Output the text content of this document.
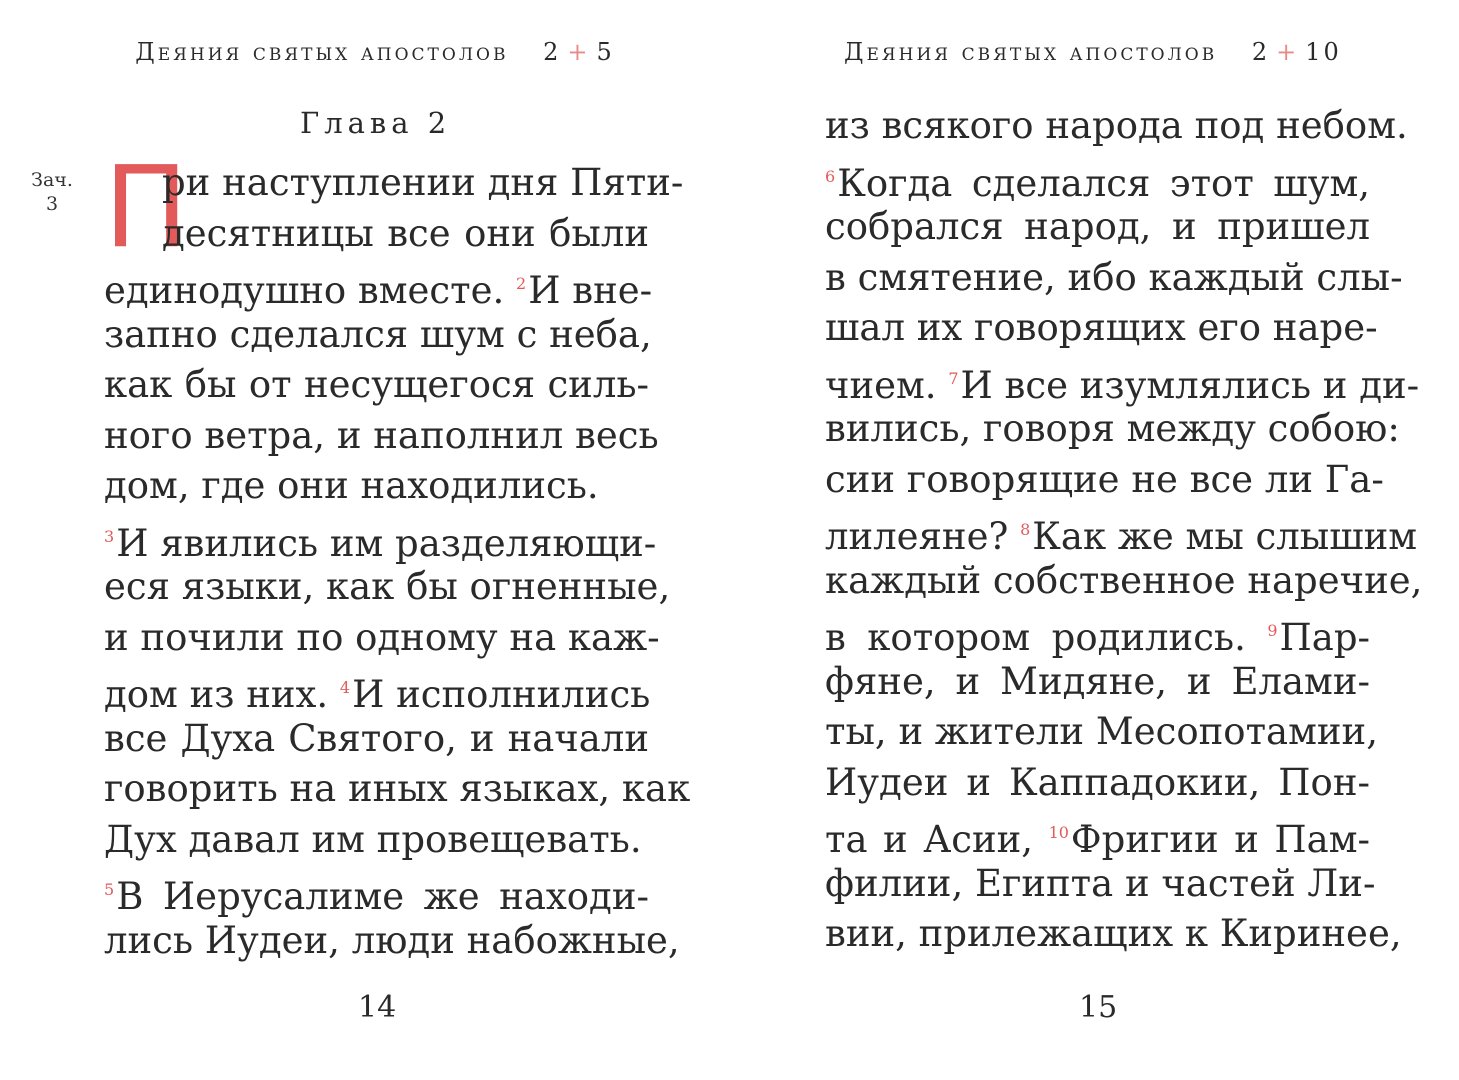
Деяния святых апостолов 2 + 5
Глава 2
Зач.
3 П
ри наступлении дня Пяти-
десятницы все они были
единодушно вместе. $^2$И вне-
запно сделался шум с неба,
как бы от несущегося силь-
ного ветра, и наполнил весь
дом, где они находились.
$^3$И явились им разделяющи-
еся языки, как бы огненные,
и почили по одному на каж-
дом из них. $^4$И исполнились
все Духа Святого, и начали
говорить на иных языках, как
Дух давал им провещевать.
$^5$В Иерусалиме же находи-
лись Иудеи, люди набожные,
14
Деяния святых апостолов 2 + 10
из всякого народа под небом.
$^6$Когда сделался этот шум,
собрался народ, и пришел
в смятение, ибо каждый слы-
шал их говорящих его наре-
чием. $^7$И все изумлялись и ди-
вились, говоря между собою:
сии говорящие не все ли Га-
лилеяне? $^8$Как же мы слышим
каждый собственное наречие,
в котором родились. $^9$Пар-
фяне, и Мидяне, и Елами-
ты, и жители Месопотамии,
Иудеи и Каппадокии, Пон-
та и Асии, $^{10}$Фригии и Пам-
филии, Египта и частей Ли-
вии, прилежащих к Киринее,
15
